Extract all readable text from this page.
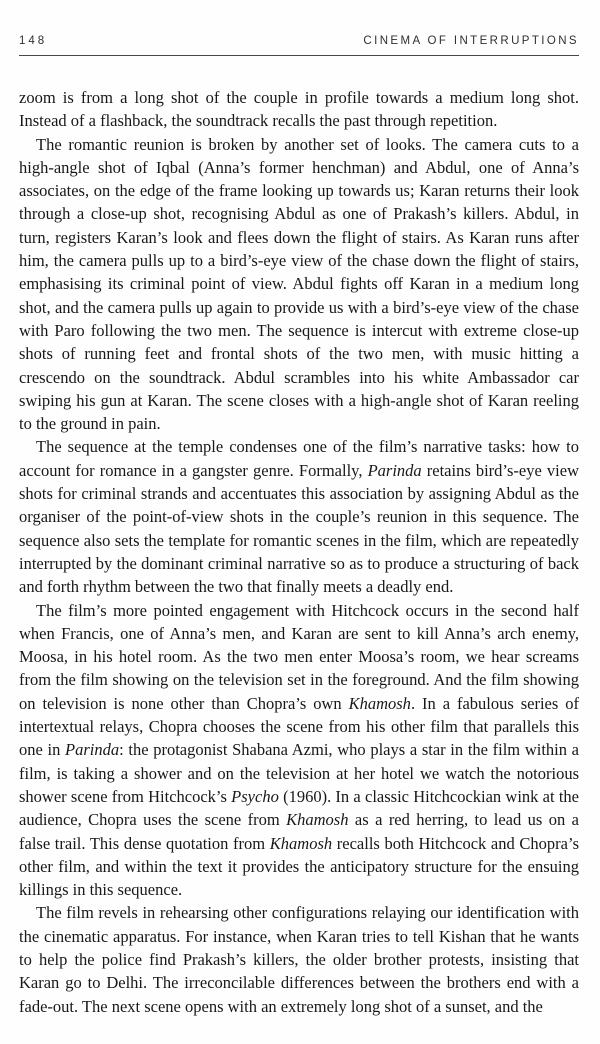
148	CINEMA OF INTERRUPTIONS

zoom is from a long shot of the couple in profile towards a medium long shot. Instead of a flashback, the soundtrack recalls the past through repetition.

The romantic reunion is broken by another set of looks. The camera cuts to a high-angle shot of Iqbal (Anna’s former henchman) and Abdul, one of Anna’s associates, on the edge of the frame looking up towards us; Karan returns their look through a close-up shot, recognising Abdul as one of Prakash’s killers. Abdul, in turn, registers Karan’s look and flees down the flight of stairs. As Karan runs after him, the camera pulls up to a bird’s-eye view of the chase down the flight of stairs, emphasising its criminal point of view. Abdul fights off Karan in a medium long shot, and the camera pulls up again to provide us with a bird’s-eye view of the chase with Paro following the two men. The sequence is intercut with extreme close-up shots of running feet and frontal shots of the two men, with music hitting a crescendo on the soundtrack. Abdul scrambles into his white Ambassador car swiping his gun at Karan. The scene closes with a high-angle shot of Karan reeling to the ground in pain.

The sequence at the temple condenses one of the film’s narrative tasks: how to account for romance in a gangster genre. Formally, Parinda retains bird’s-eye view shots for criminal strands and accentuates this association by assigning Abdul as the organiser of the point-of-view shots in the couple’s reunion in this sequence. The sequence also sets the template for romantic scenes in the film, which are repeatedly interrupted by the dominant criminal narrative so as to produce a structuring of back and forth rhythm between the two that finally meets a deadly end.

The film’s more pointed engagement with Hitchcock occurs in the second half when Francis, one of Anna’s men, and Karan are sent to kill Anna’s arch enemy, Moosa, in his hotel room. As the two men enter Moosa’s room, we hear screams from the film showing on the television set in the foreground. And the film showing on television is none other than Chopra’s own Khamosh. In a fabulous series of intertextual relays, Chopra chooses the scene from his other film that parallels this one in Parinda: the protagonist Shabana Azmi, who plays a star in the film within a film, is taking a shower and on the television at her hotel we watch the notorious shower scene from Hitchcock’s Psycho (1960). In a classic Hitchcockian wink at the audience, Chopra uses the scene from Khamosh as a red herring, to lead us on a false trail. This dense quotation from Khamosh recalls both Hitchcock and Chopra’s other film, and within the text it provides the anticipatory structure for the ensuing killings in this sequence.

The film revels in rehearsing other configurations relaying our identification with the cinematic apparatus. For instance, when Karan tries to tell Kishan that he wants to help the police find Prakash’s killers, the older brother protests, insisting that Karan go to Delhi. The irreconcilable differences between the brothers end with a fade-out. The next scene opens with an extremely long shot of a sunset, and the
